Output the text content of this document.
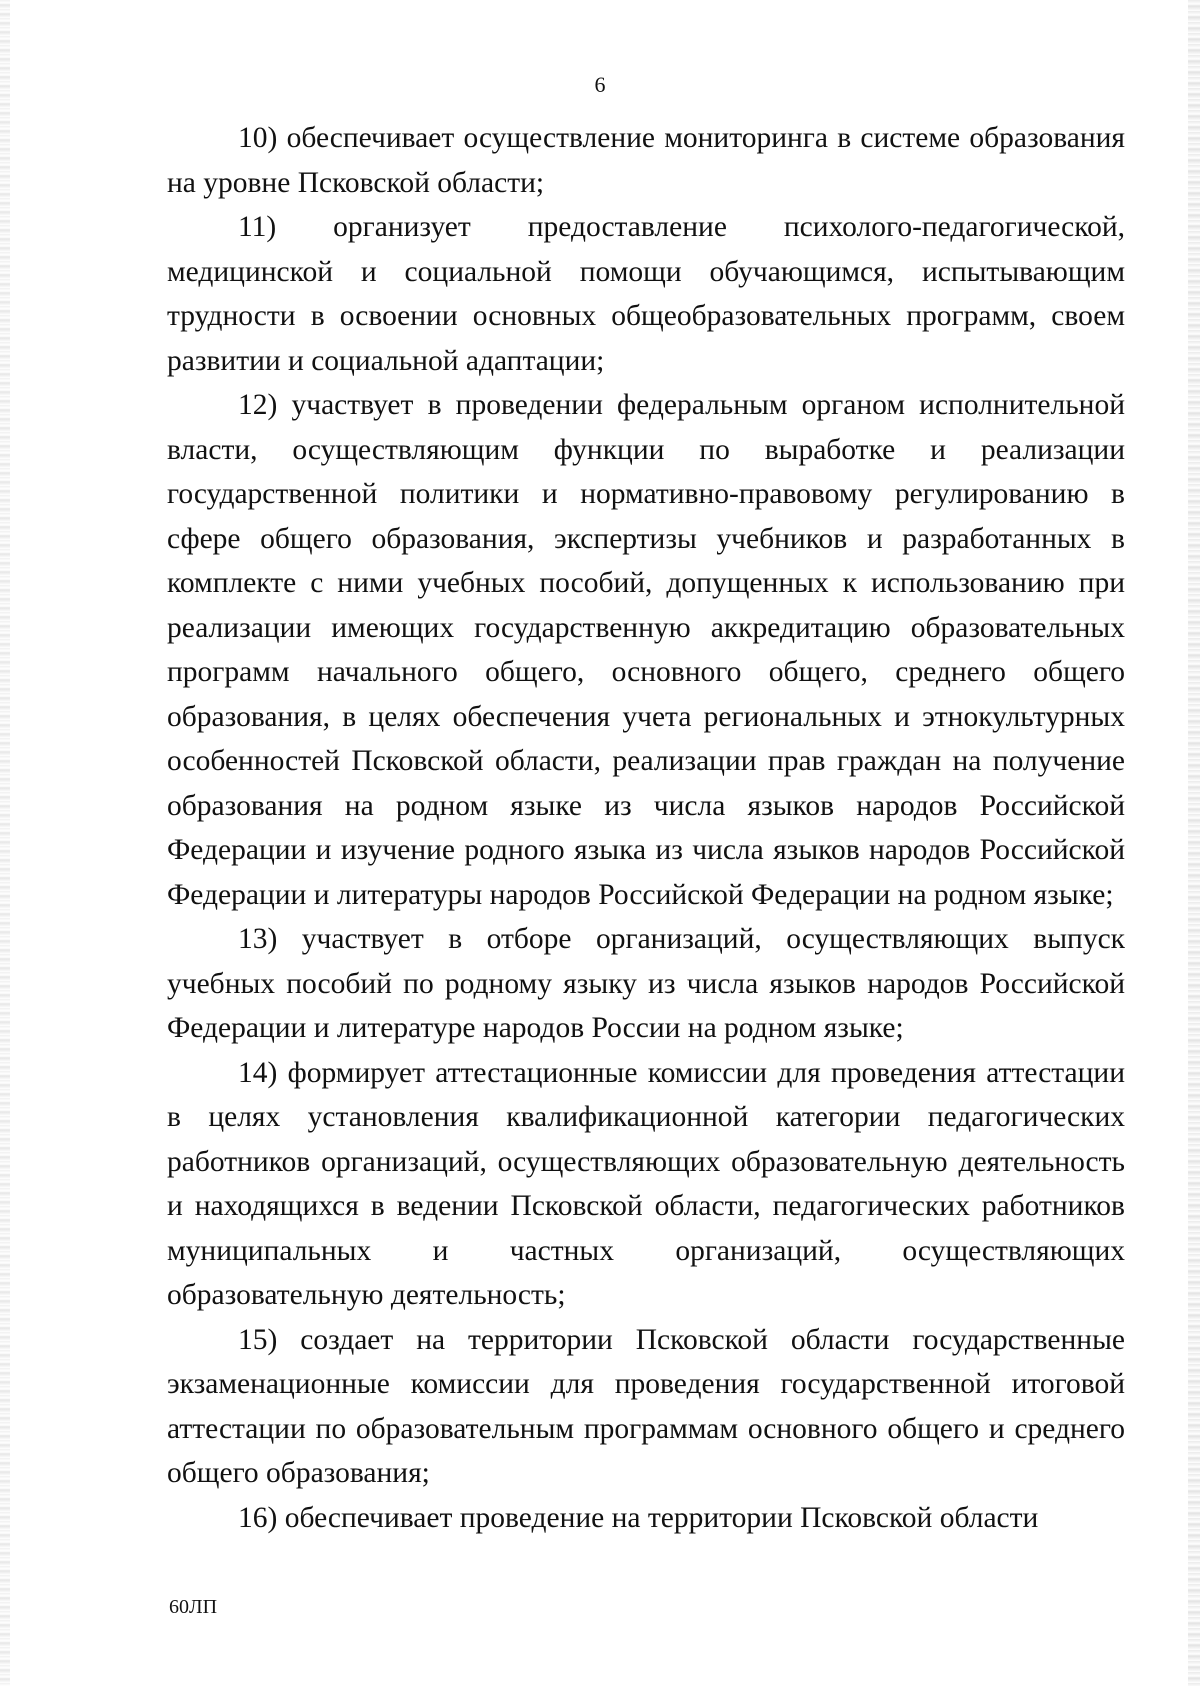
6

10) обеспечивает осуществление мониторинга в системе образования на уровне Псковской области;

11) организует предоставление психолого-педагогической, медицинской и социальной помощи обучающимся, испытывающим трудности в освоении основных общеобразовательных программ, своем развитии и социальной адаптации;

12) участвует в проведении федеральным органом исполнительной власти, осуществляющим функции по выработке и реализации государственной политики и нормативно-правовому регулированию в сфере общего образования, экспертизы учебников и разработанных в комплекте с ними учебных пособий, допущенных к использованию при реализации имеющих государственную аккредитацию образовательных программ начального общего, основного общего, среднего общего образования, в целях обеспечения учета региональных и этнокультурных особенностей Псковской области, реализации прав граждан на получение образования на родном языке из числа языков народов Российской Федерации и изучение родного языка из числа языков народов Российской Федерации и литературы народов Российской Федерации на родном языке;

13) участвует в отборе организаций, осуществляющих выпуск учебных пособий по родному языку из числа языков народов Российской Федерации и литературе народов России на родном языке;

14) формирует аттестационные комиссии для проведения аттестации в целях установления квалификационной категории педагогических работников организаций, осуществляющих образовательную деятельность и находящихся в ведении Псковской области, педагогических работников муниципальных и частных организаций, осуществляющих образовательную деятельность;

15) создает на территории Псковской области государственные экзаменационные комиссии для проведения государственной итоговой аттестации по образовательным программам основного общего и среднего общего образования;

16) обеспечивает проведение на территории Псковской области

60ЛП
